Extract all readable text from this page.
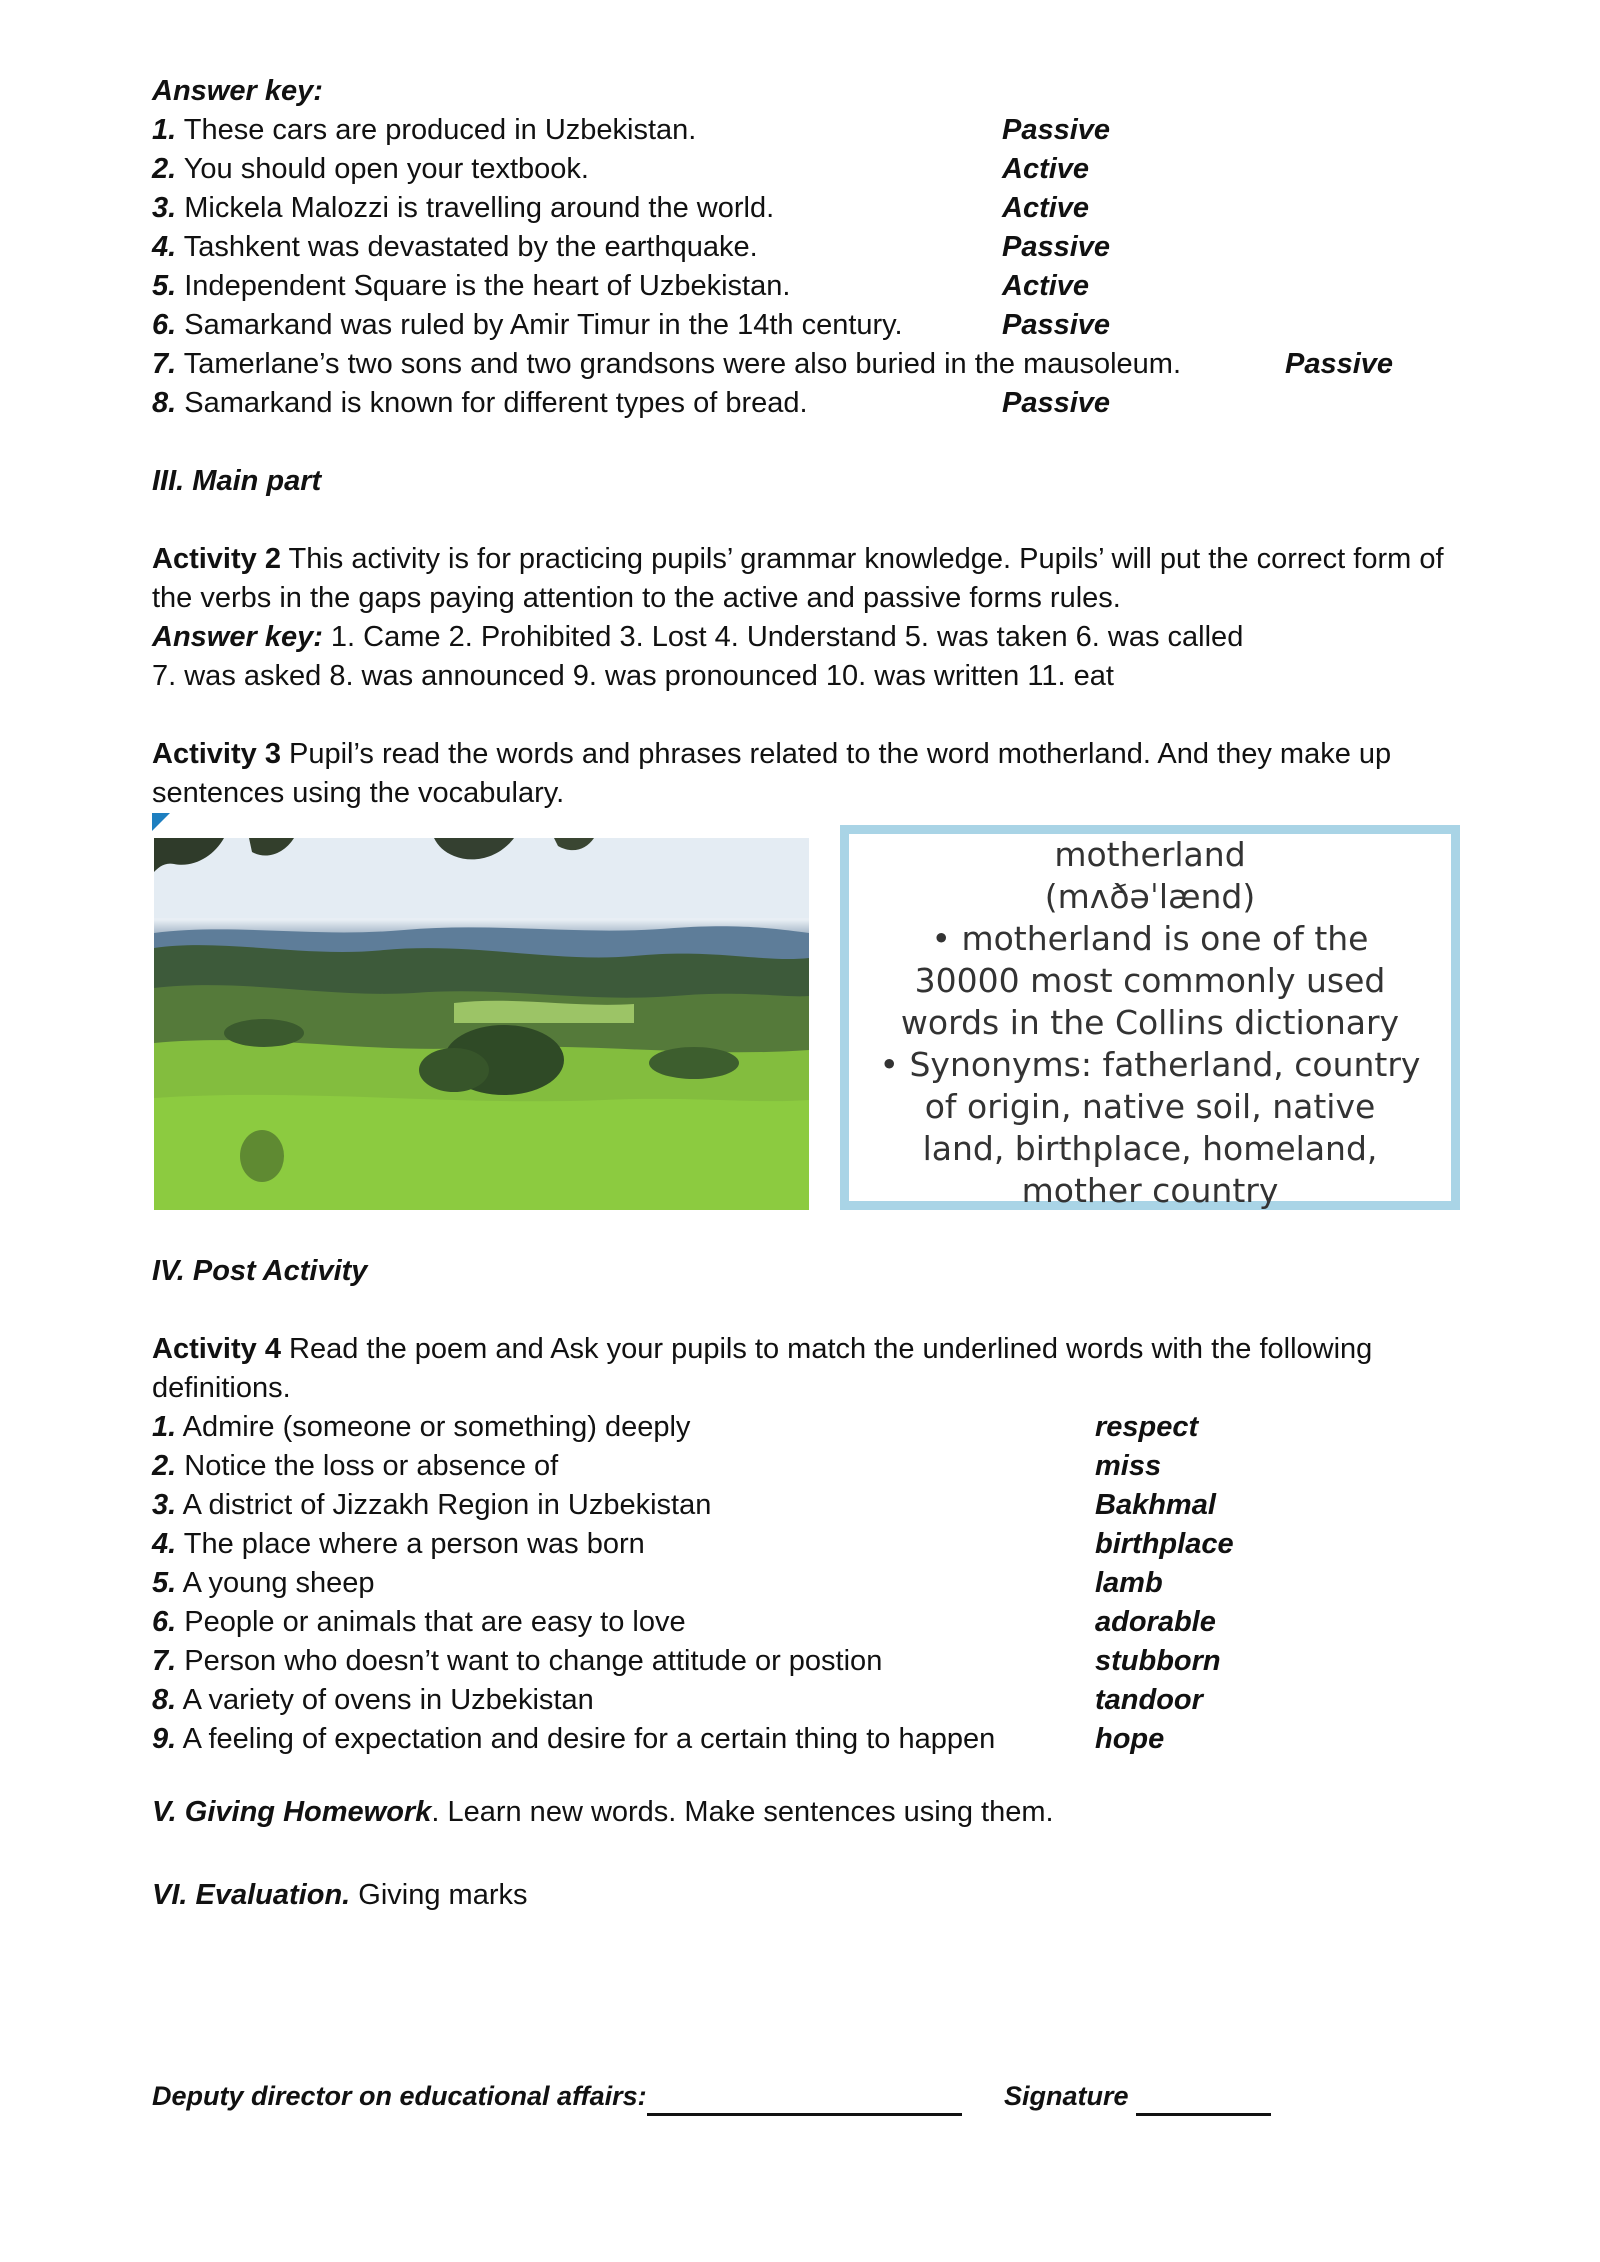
Answer key:
1. These cars are produced in Uzbekistan.	Passive
2. You should open your textbook.	Active
3. Mickela Malozzi is travelling around the world.	Active
4. Tashkent was devastated by the earthquake.	Passive
5. Independent Square is the heart of Uzbekistan.	Active
6. Samarkand was ruled by Amir Timur in the 14th century.	Passive
7. Tamerlane’s two sons and two grandsons were also buried in the mausoleum.	Passive
8. Samarkand is known for different types of bread.	Passive
III. Main part
Activity 2 This activity is for practicing pupils’ grammar knowledge. Pupils’ will put the correct form of the verbs in the gaps paying attention to the active and passive forms rules.
Answer key: 1. Came 2. Prohibited 3. Lost 4. Understand 5. was taken 6. was called
7. was asked 8. was announced 9. was pronounced 10. was written 11. eat
Activity 3 Pupil’s read the words and phrases related to the word motherland. And they make up sentences using the vocabulary.
motherland
(mʌðəˈlænd)
• motherland is one of the
30000 most commonly used
words in the Collins dictionary
• Synonyms: fatherland, country
of origin, native soil, native
land, birthplace, homeland,
mother country
IV. Post Activity
Activity 4 Read the poem and Ask your pupils to match the underlined words with the following definitions.
1. Admire (someone or something) deeply	respect
2. Notice the loss or absence of	miss
3. A district of Jizzakh Region in Uzbekistan	Bakhmal
4. The place where a person was born	birthplace
5. A young sheep	lamb
6. People or animals that are easy to love	adorable
7. Person who doesn’t want to change attitude or postion	stubborn
8. A variety of ovens in Uzbekistan	tandoor
9. A feeling of expectation and desire for a certain thing to happen	hope
V. Giving Homework. Learn new words. Make sentences using them.
VI. Evaluation. Giving marks
Deputy director on educational affairs:	Signature
